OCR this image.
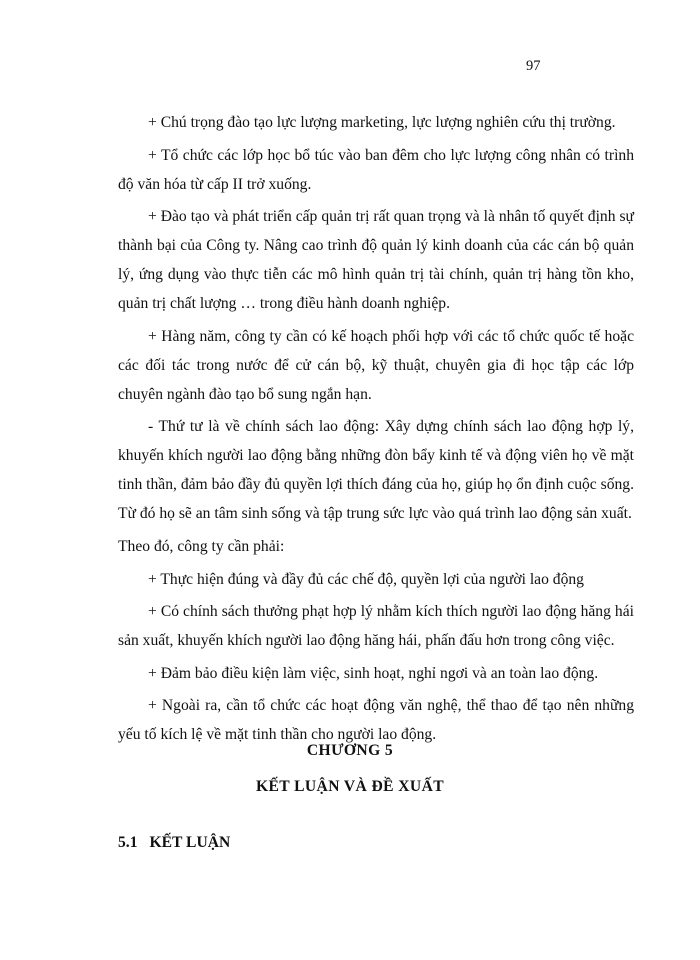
97

+ Chú trọng đào tạo lực lượng marketing, lực lượng nghiên cứu thị trường.

+ Tổ chức các lớp học bổ túc vào ban đêm cho lực lượng công nhân có trình độ văn hóa từ cấp II trở xuống.

+ Đào tạo và phát triển cấp quản trị rất quan trọng và là nhân tố quyết định sự thành bại của Công ty. Nâng cao trình độ quản lý kinh doanh của các cán bộ quản lý, ứng dụng vào thực tiễn các mô hình quản trị tài chính, quản trị hàng tồn kho, quản trị chất lượng … trong điều hành doanh nghiệp.

+ Hàng năm, công ty cần có kế hoạch phối hợp với các tổ chức quốc tế hoặc các đối tác trong nước để cử cán bộ, kỹ thuật, chuyên gia đi học tập các lớp chuyên ngành đào tạo bổ sung ngắn hạn.

- Thứ tư là về chính sách lao động: Xây dựng chính sách lao động hợp lý, khuyến khích người lao động bằng những đòn bẩy kinh tế và động viên họ về mặt tinh thần, đảm bảo đầy đủ quyền lợi thích đáng của họ, giúp họ ổn định cuộc sống. Từ đó họ sẽ an tâm sinh sống và tập trung sức lực vào quá trình lao động sản xuất.

Theo đó, công ty cần phải:

+ Thực hiện đúng và đầy đủ các chế độ, quyền lợi của người lao động

+ Có chính sách thưởng phạt hợp lý nhằm kích thích người lao động hăng hái sản xuất, khuyến khích người lao động hăng hái, phấn đấu hơn trong công việc.

+ Đảm bảo điều kiện làm việc, sinh hoạt, nghỉ ngơi và an toàn lao động.

+ Ngoài ra, cần tổ chức các hoạt động văn nghệ, thể thao để tạo nên những yếu tố kích lệ về mặt tinh thần cho người lao động.

CHƯƠNG 5
KẾT LUẬN VÀ ĐỀ XUẤT
5.1 KẾT LUẬN
